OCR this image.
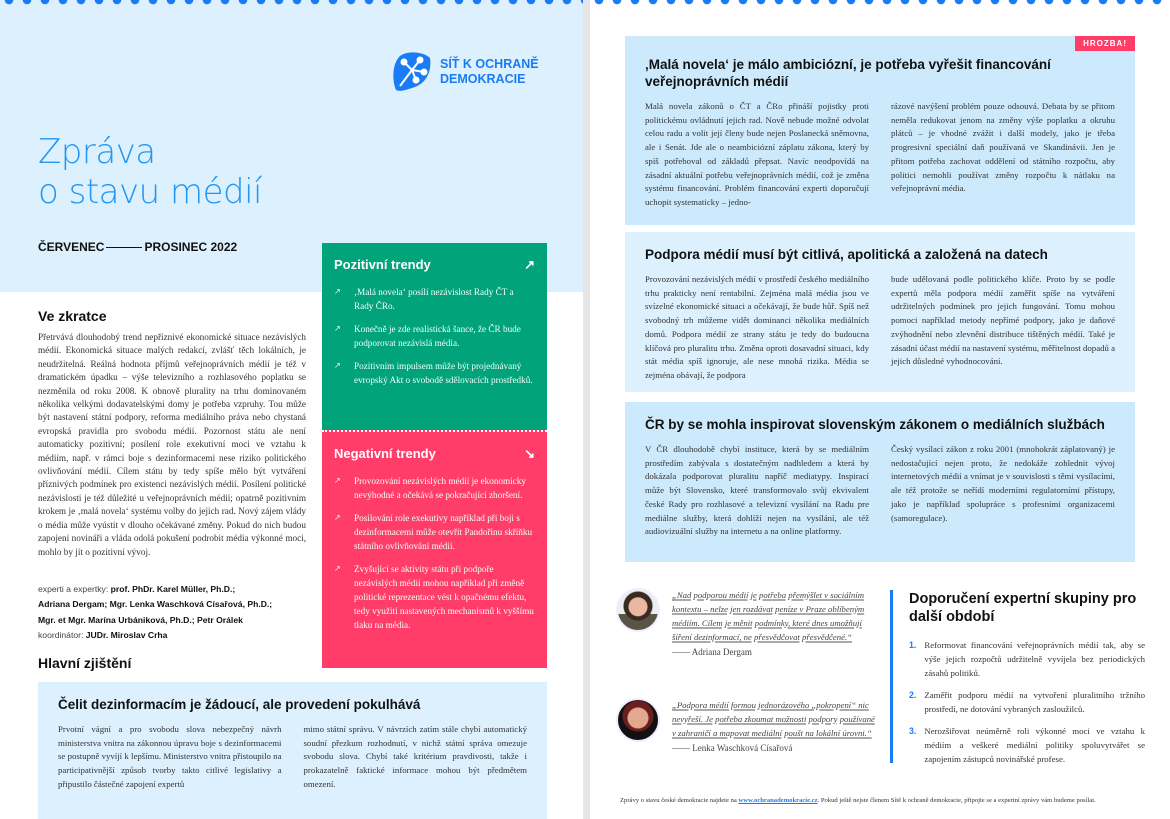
SÍŤ K OCHRANĚ
DEMOKRACIE
Zpráva
o stavu médií
ČERVENEC	PROSINEC 2022
Ve zkratce

Přetrvává dlouhodobý trend nepříznivé ekonomické situace nezávislých médií. Ekonomická situace malých redakcí, zvlášť těch lokálních, je neudržitelná. Reálná hodnota příjmů veřejnoprávních médií je též v dramatickém úpadku – výše televizního a rozhlasového poplatku se nezměnila od roku 2008. K obnově plurality na trhu dominovaném několika velkými dodavatelskými domy je potřeba vzpruhy. Tou může být nastavení státní podpory, reforma mediálního práva nebo chystaná evropská pravidla pro svobodu médií. Pozornost státu ale není automaticky pozitivní; posílení role exekutivní moci ve vztahu k médiím, např. v rámci boje s dezinformacemi nese riziko politického ovlivňování médií. Cílem státu by tedy spíše mělo být vytváření příznivých podmínek pro existenci nezávislých médií. Posílení politické nezávislosti je též důležité u veřejnoprávních médií; opatrně pozitivním krokem je ‚malá novela‘ systému volby do jejich rad. Nový zájem vlády o média může vyústit v dlouho očekávané změny. Pokud do nich budou zapojení novináři a vláda odolá pokušení podrobit média výkonné moci, mohlo by jít o pozitivní vývoj.

experti a expertky: prof. PhDr. Karel Müller, Ph.D.;
Adriana Dergam; Mgr. Lenka Waschková Císařová, Ph.D.;
Mgr. et Mgr. Marína Urbániková, Ph.D.; Petr Orálek
koordinátor: JUDr. Miroslav Crha
Hlavní zjištění
Pozitivní trendy	↗
↗ ‚Malá novela‘ posílí nezávislost Rady ČT a Rady ČRo.
↗ Konečně je zde realistická šance, že ČR bude podporovat nezávislá média.
↗ Pozitivním impulsem může být projednávaný evropský Akt o svobodě sdělovacích prostředků.
Negativní trendy	↘
↗ Provozování nezávislých médií je ekonomicky nevýhodné a očekává se pokračující zhoršení.
↗ Posilování role exekutivy například při boji s dezinformacemi může otevřít Pandořinu skříňku státního ovlivňování médií.
↗ Zvyšující se aktivity státu při podpoře nezávislých médií mohou například při změně politické reprezentace vést k opačnému efektu, tedy využití nastavených mechanismů k vyššímu tlaku na média.
Čelit dezinformacím je žádoucí, ale provedení pokulhává

Prvotní vágní a pro svobodu slova nebezpečný návrh ministerstva vnitra na zákonnou úpravu boje s dezinformacemi se postupně vyvíjí k lepšímu. Ministerstvo vnitra přistoupilo na participativnější způsob tvorby takto citlivé legislativy a připustilo částečné zapojení expertů

mimo státní správu. V návrzích zatím stále chybí automatický soudní přezkum rozhodnutí, v nichž státní správa omezuje svobodu slova. Chybí také kritérium pravdivosti, takže i prokazatelně faktické informace mohou být předmětem omezení.

HROZBA!
‚Malá novela‘ je málo ambiciózní, je potřeba vyřešit financování veřejnoprávních médií

Malá novela zákonů o ČT a ČRo přináší pojistky proti politickému ovládnutí jejich rad. Nově nebude možné odvolat celou radu a volit její členy bude nejen Poslanecká sněmovna, ale i Senát. Jde ale o neambiciózní záplatu zákona, který by spíš potřeboval od základů přepsat. Navíc neodpovídá na zásadní aktuální potřebu veřejnoprávních médií, což je změna systému financování. Problém financování experti doporučují uchopit systematicky – jedno-

rázové navýšení problém pouze odsouvá. Debata by se přitom neměla redukovat jenom na změny výše poplatku a okruhu plátců – je vhodné zvážit i další modely, jako je třeba progresivní speciální daň používaná ve Skandinávii. Jen je přitom potřeba zachovat oddělení od státního rozpočtu, aby politici nemohli používat změny rozpočtu k nátlaku na veřejnoprávní média.

Podpora médií musí být citlivá, apolitická a založená na datech

Provozování nezávislých médií v prostředí českého mediálního trhu prakticky není rentabilní. Zejména malá média jsou ve svízelné ekonomické situaci a očekávají, že bude hůř. Spíš než svobodný trh můžeme vidět dominanci několika mediálních domů. Podpora médií ze strany státu je tedy do budoucna klíčová pro pluralitu trhu. Změna oproti dosavadní situaci, kdy stát média spíš ignoruje, ale nese mnohá rizika. Média se zejména obávají, že podpora

bude udělovaná podle politického klíče. Proto by se podle expertů měla podpora médií zaměřit spíše na vytváření udržitelných podmínek pro jejich fungování. Tomu mohou pomoci například metody nepřímé podpory, jako je daňové zvýhodnění nebo zlevnění distribuce tištěných médií. Také je zásadní účast médií na nastavení systému, měřitelnost dopadů a jejich důsledné vyhodnocování.

ČR by se mohla inspirovat slovenským zákonem o mediálních službách

V ČR dlouhodobě chybí instituce, která by se mediálním prostředím zabývala s dostatečným nadhledem a která by dokázala podporovat pluralitu napříč mediatypy. Inspirací může být Slovensko, které transformovalo svůj ekvivalent české Rady pro rozhlasové a televizní vysílání na Radu pre mediálne služby, která dohlíží nejen na vysílání, ale též audiovizuální služby na internetu a na online platformy.

Český vysílací zákon z roku 2001 (mnohokrát záplatovaný) je nedostačující nejen proto, že nedokáže zohlednit vývoj internetových médií a vnímat je v souvislosti s těmi vysílacími, ale též protože se neřídí moderními regulatorními přístupy, jako je například spolupráce s profesními organizacemi (samoregulace).

„Nad podporou médií je potřeba přemýšlet v sociálním kontextu – nelze jen rozdávat peníze v Praze oblíbeným médiím. Cílem je měnit podmínky, které dnes umožňují šíření dezinformací, ne přesvědčovat přesvědčené.“

—— Adriana Dergam

„Podpora médií formou jednorázového „pokropení“ nic nevyřeší. Je potřeba zkoumat možnosti podpory používané v zahraničí a mapovat mediální poušt na lokální úrovni.“

—— Lenka Waschková Císařová

Doporučení expertní skupiny pro další období
1. Reformovat financování veřejnoprávních médií tak, aby se výše jejich rozpočtů udržitelně vyvíjela bez periodických zásahů politiků.
2. Zaměřit podporu médií na vytvoření pluralitního tržního prostředí, ne dotování vybraných zasloužilců.
3. Nerozšiřovat neúměrně roli výkonné moci ve vztahu k médiím a veškeré mediální politiky spoluvytvářet se zapojením zástupců novinářské profese.
Zprávy o stavu české demokracie najdete na www.ochranademokracie.cz. Pokud ještě nejste členem Sítě k ochraně demokracie, připojte se a expertní zprávy vám budeme posílat.
